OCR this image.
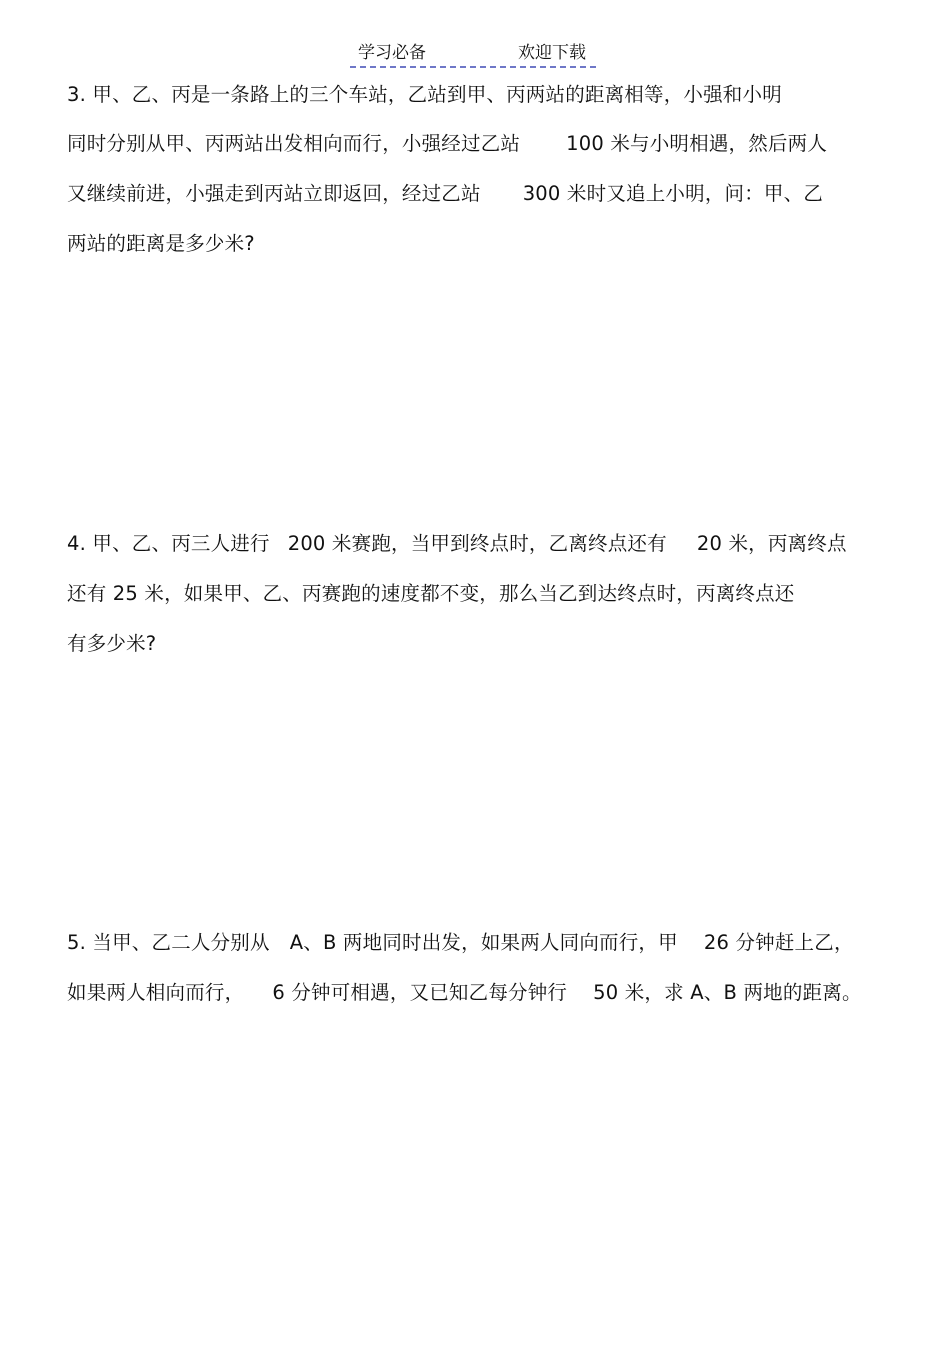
学习必备	欢迎下载
3. 甲、乙、丙是一条路上的三个车站，乙站到甲、丙两站的距离相等，小强和小明
同时分别从甲、丙两站出发相向而行，小强经过乙站 100 米与小明相遇，然后两人
又继续前进，小强走到丙站立即返回，经过乙站 300 米时又追上小明，问：甲、乙
两站的距离是多少米?
4. 甲、乙、丙三人进行 200 米赛跑，当甲到终点时，乙离终点还有 20 米，丙离终点
还有 25 米，如果甲、乙、丙赛跑的速度都不变，那么当乙到达终点时，丙离终点还
有多少米?
5. 当甲、乙二人分别从 A、B 两地同时出发，如果两人同向而行，甲 26 分钟赶上乙，
如果两人相向而行， 6 分钟可相遇，又已知乙每分钟行 50 米，求 A、B 两地的距离。
